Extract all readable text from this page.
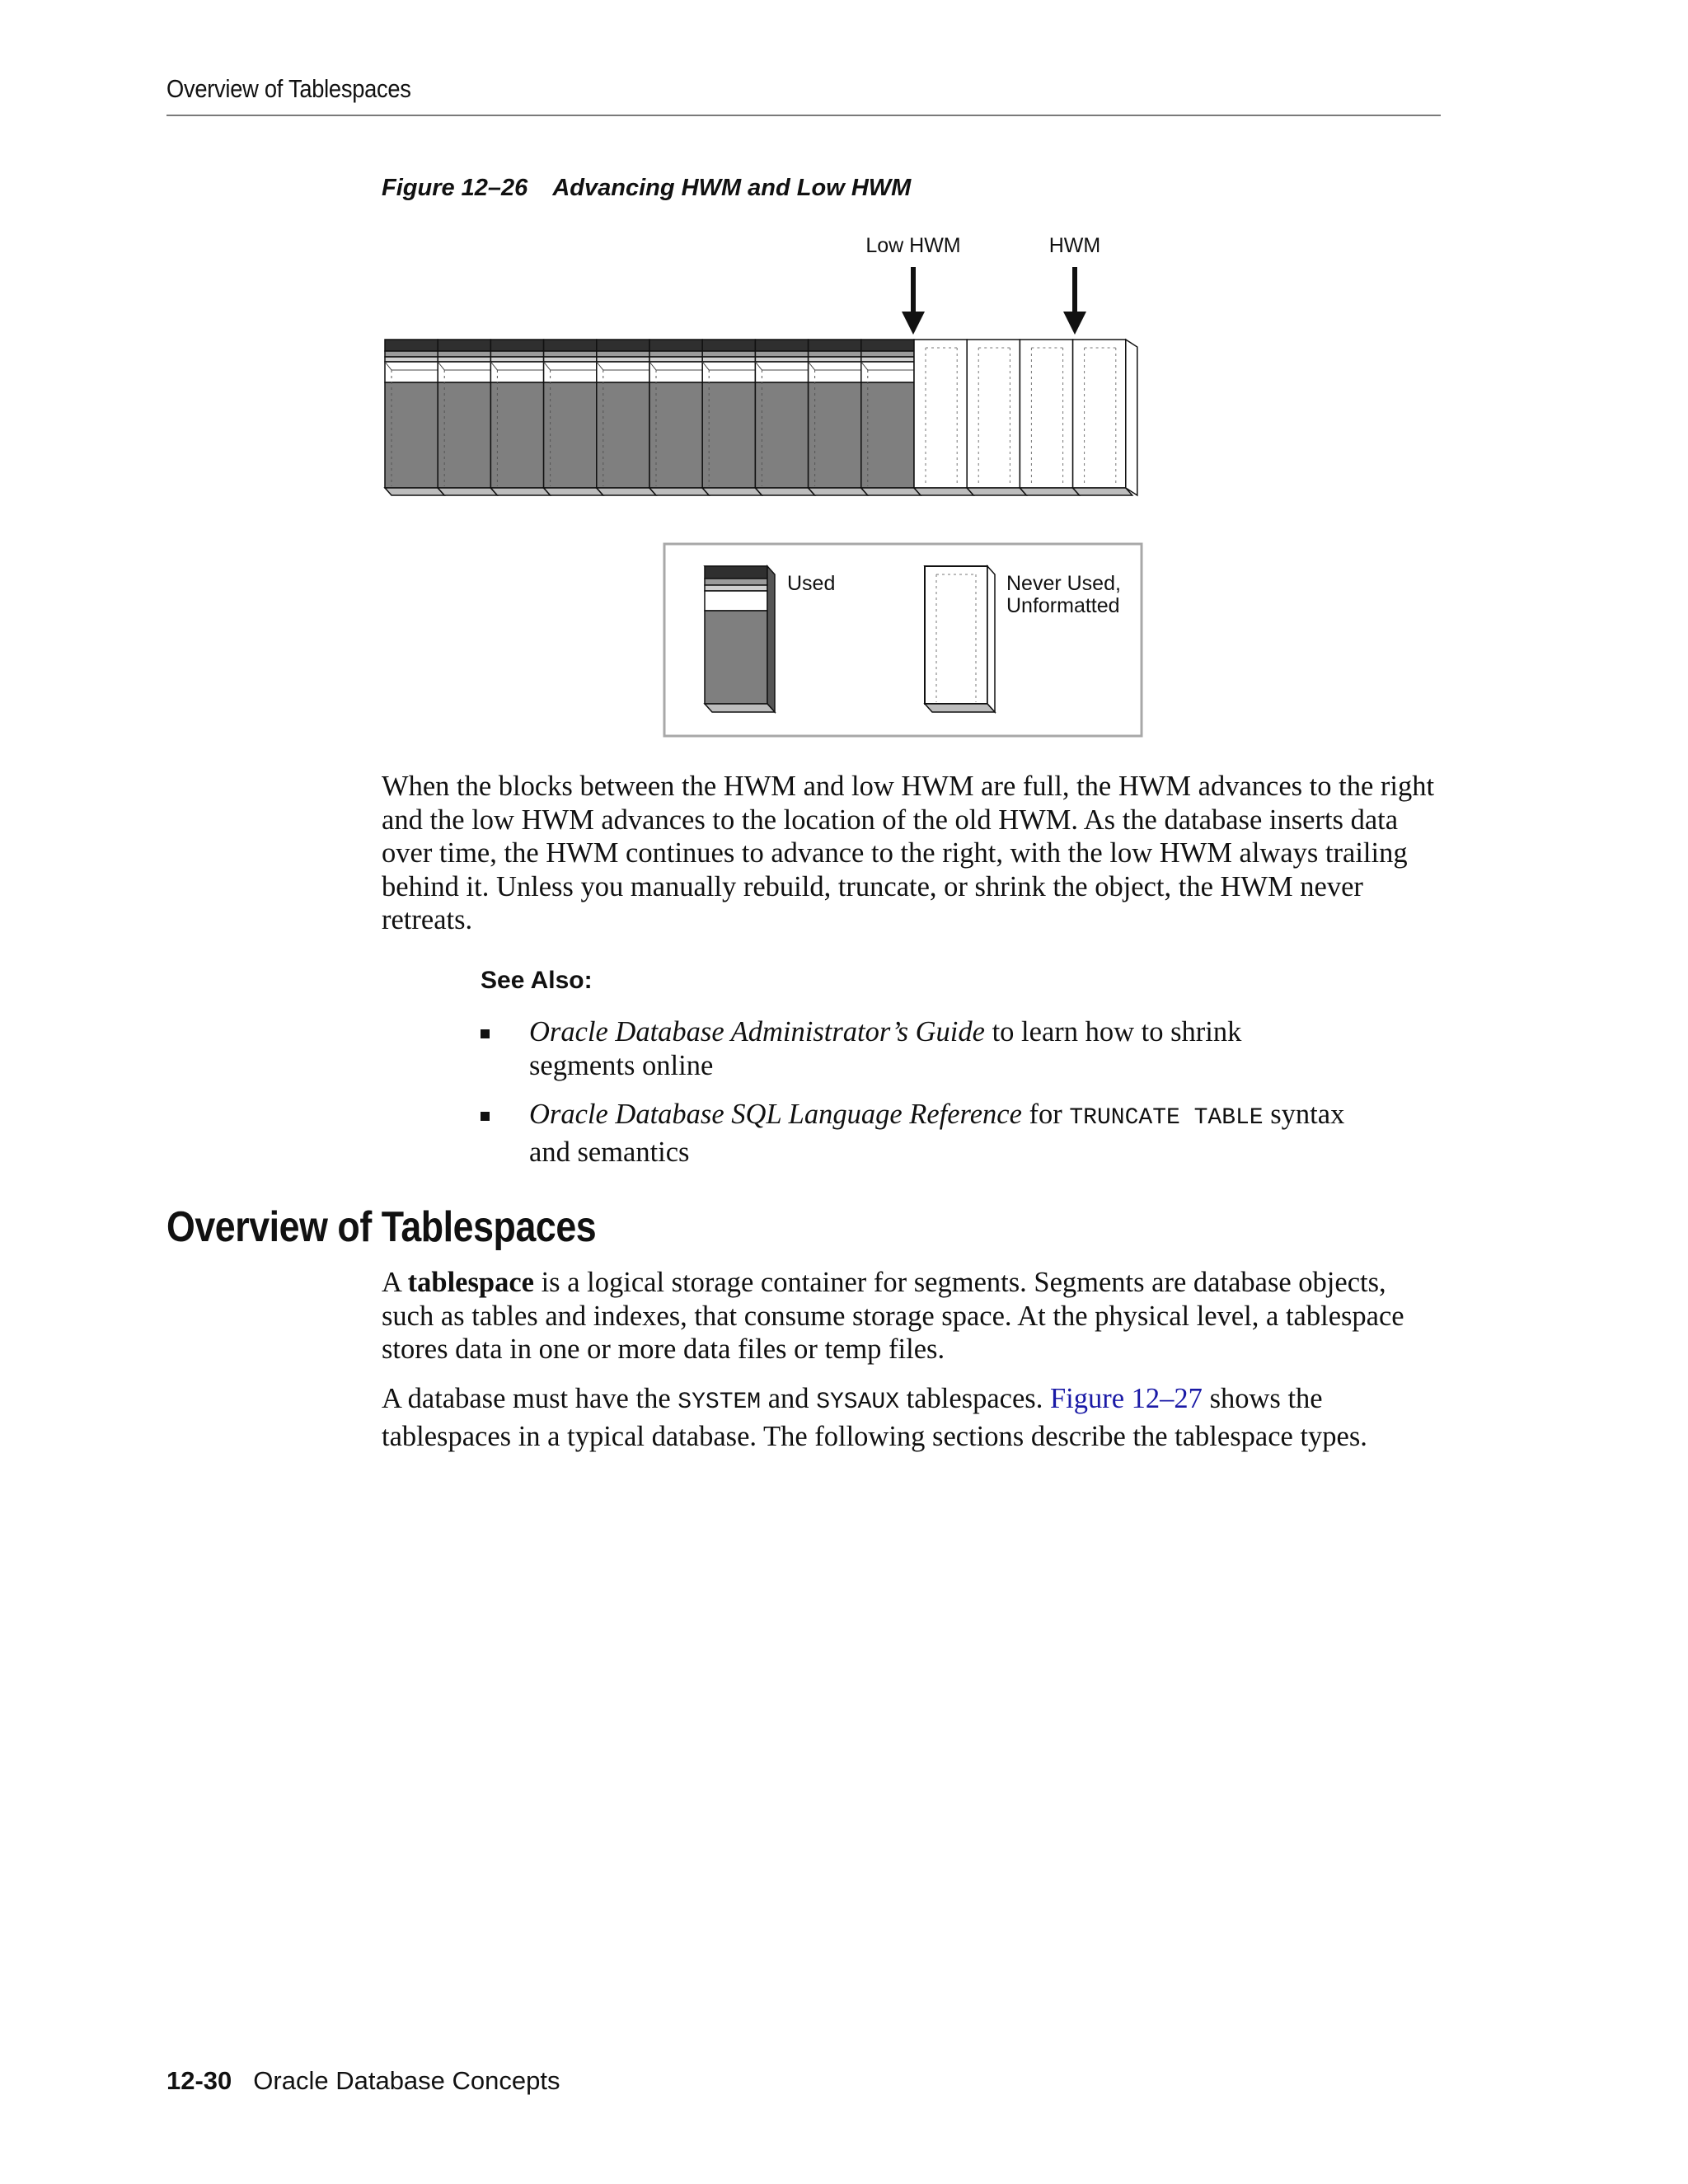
Overview of Tablespaces
Figure 12–26 Advancing HWM and Low HWM
Low HWM	HWM
Used	Never Used,
Unformatted
When the blocks between the HWM and low HWM are full, the HWM advances to the right and the low HWM advances to the location of the old HWM. As the database inserts data over time, the HWM continues to advance to the right, with the low HWM always trailing behind it. Unless you manually rebuild, truncate, or shrink the object, the HWM never retreats.
See Also:
Oracle Database Administrator’s Guide to learn how to shrink segments online
Oracle Database SQL Language Reference for TRUNCATE TABLE syntax and semantics
Overview of Tablespaces
A tablespace is a logical storage container for segments. Segments are database objects, such as tables and indexes, that consume storage space. At the physical level, a tablespace stores data in one or more data files or temp files.
A database must have the SYSTEM and SYSAUX tablespaces. Figure 12–27 shows the tablespaces in a typical database. The following sections describe the tablespace types.
12-30 Oracle Database Concepts
